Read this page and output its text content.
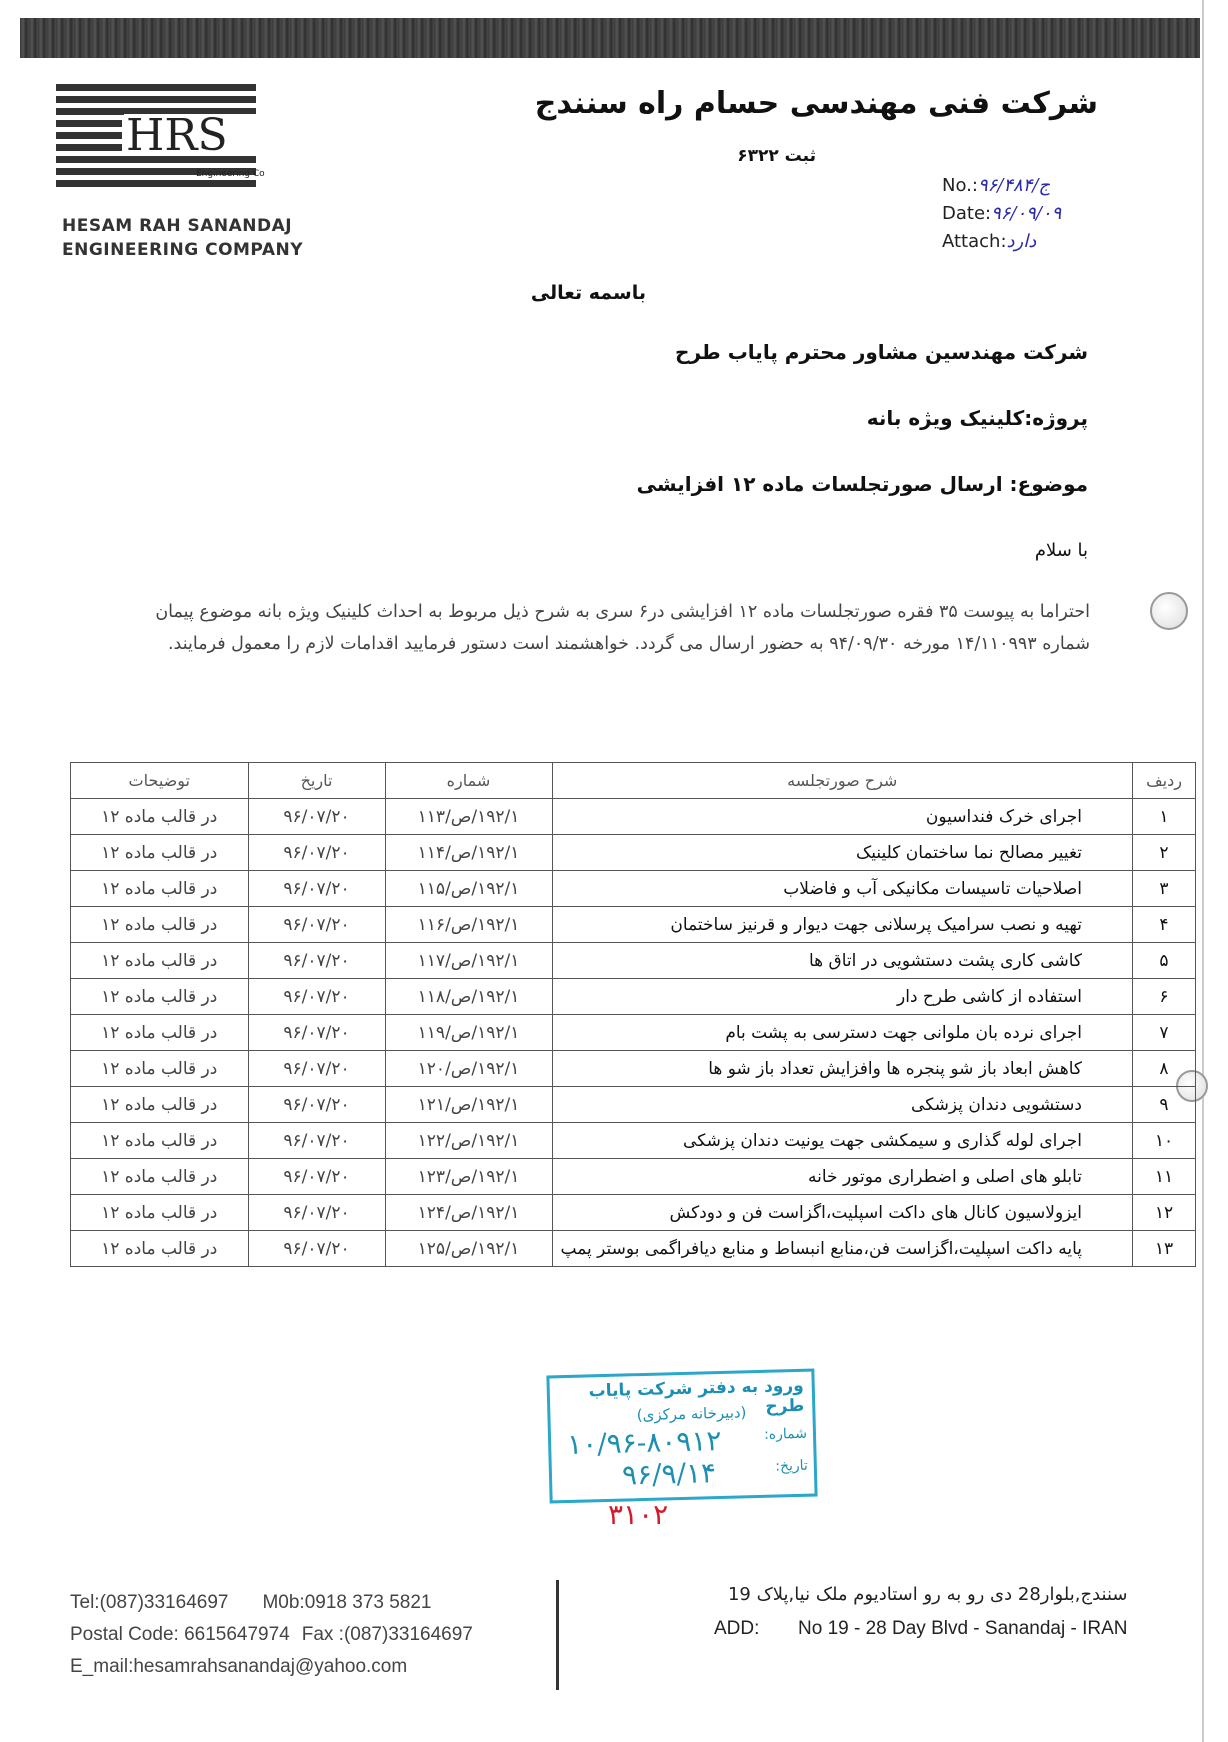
HRS
Engineering Co
HESAM RAH SANANDAJ
ENGINEERING COMPANY
شرکت فنی مهندسی حسام راه سنندج
ثبت ۶۳۲۲
No.:۹۶/ج/۴۸۴
Date:۹۶/۰۹/۰۹
Attach:دارد
باسمه تعالی
شرکت مهندسین مشاور محترم پایاب طرح
پروژه:کلینیک ویژه بانه
موضوع: ارسال صورتجلسات ماده ۱۲ افزایشی
با سلام
احتراما به پیوست ۳۵ فقره صورتجلسات ماده ۱۲ افزایشی در۶ سری به شرح ذیل مربوط به احداث کلینیک ویژه بانه موضوع پیمان شماره ۱۴/۱۱۰۹۹۳ مورخه ۹۴/۰۹/۳۰ به حضور ارسال می گردد. خواهشمند است دستور فرمایید اقدامات لازم را معمول فرمایند.
ردیف	شرح صورتجلسه	شماره	تاریخ	توضیحات
۱	اجرای خرک فنداسیون	۱۹۲/۱/ص/۱۱۳	۹۶/۰۷/۲۰	در قالب ماده ۱۲
۲	تغییر مصالح نما ساختمان کلینیک	۱۹۲/۱/ص/۱۱۴	۹۶/۰۷/۲۰	در قالب ماده ۱۲
۳	اصلاحیات تاسیسات مکانیکی آب و فاضلاب	۱۹۲/۱/ص/۱۱۵	۹۶/۰۷/۲۰	در قالب ماده ۱۲
۴	تهیه و نصب سرامیک پرسلانی جهت دیوار و قرنیز ساختمان	۱۹۲/۱/ص/۱۱۶	۹۶/۰۷/۲۰	در قالب ماده ۱۲
۵	کاشی کاری پشت دستشویی در اتاق ها	۱۹۲/۱/ص/۱۱۷	۹۶/۰۷/۲۰	در قالب ماده ۱۲
۶	استفاده از کاشی طرح دار	۱۹۲/۱/ص/۱۱۸	۹۶/۰۷/۲۰	در قالب ماده ۱۲
۷	اجرای نرده بان ملوانی جهت دسترسی به پشت بام	۱۹۲/۱/ص/۱۱۹	۹۶/۰۷/۲۰	در قالب ماده ۱۲
۸	کاهش ابعاد باز شو پنجره ها وافزایش تعداد باز شو ها	۱۹۲/۱/ص/۱۲۰	۹۶/۰۷/۲۰	در قالب ماده ۱۲
۹	دستشویی دندان پزشکی	۱۹۲/۱/ص/۱۲۱	۹۶/۰۷/۲۰	در قالب ماده ۱۲
۱۰	اجرای لوله گذاری و سیمکشی جهت یونیت دندان پزشکی	۱۹۲/۱/ص/۱۲۲	۹۶/۰۷/۲۰	در قالب ماده ۱۲
۱۱	تابلو های اصلی و اضطراری موتور خانه	۱۹۲/۱/ص/۱۲۳	۹۶/۰۷/۲۰	در قالب ماده ۱۲
۱۲	ایزولاسیون کانال های داکت اسپلیت،اگزاست فن و دودکش	۱۹۲/۱/ص/۱۲۴	۹۶/۰۷/۲۰	در قالب ماده ۱۲
۱۳	پایه داکت اسپلیت،اگزاست فن،منابع انبساط و منابع دیافراگمی بوستر پمپ	۱۹۲/۱/ص/۱۲۵	۹۶/۰۷/۲۰	در قالب ماده ۱۲
ورود به دفتر شرکت پایاب طرح
(دبیرخانه مرکزی)
شماره:
تاریخ:
۱۰/۹۶-۸۰۹۱۲
۹۶/۹/۱۴
۳۱۰۲
Tel:(087)33164697 M0b:0918 373 5821
Postal Code: 6615647974 Fax :(087)33164697
E_mail:hesamrahsanandaj@yahoo.com
سنندج,بلوار28 دی رو به رو استادیوم ملک نیا,پلاک 19
ADD: No 19 - 28 Day Blvd - Sanandaj - IRAN
